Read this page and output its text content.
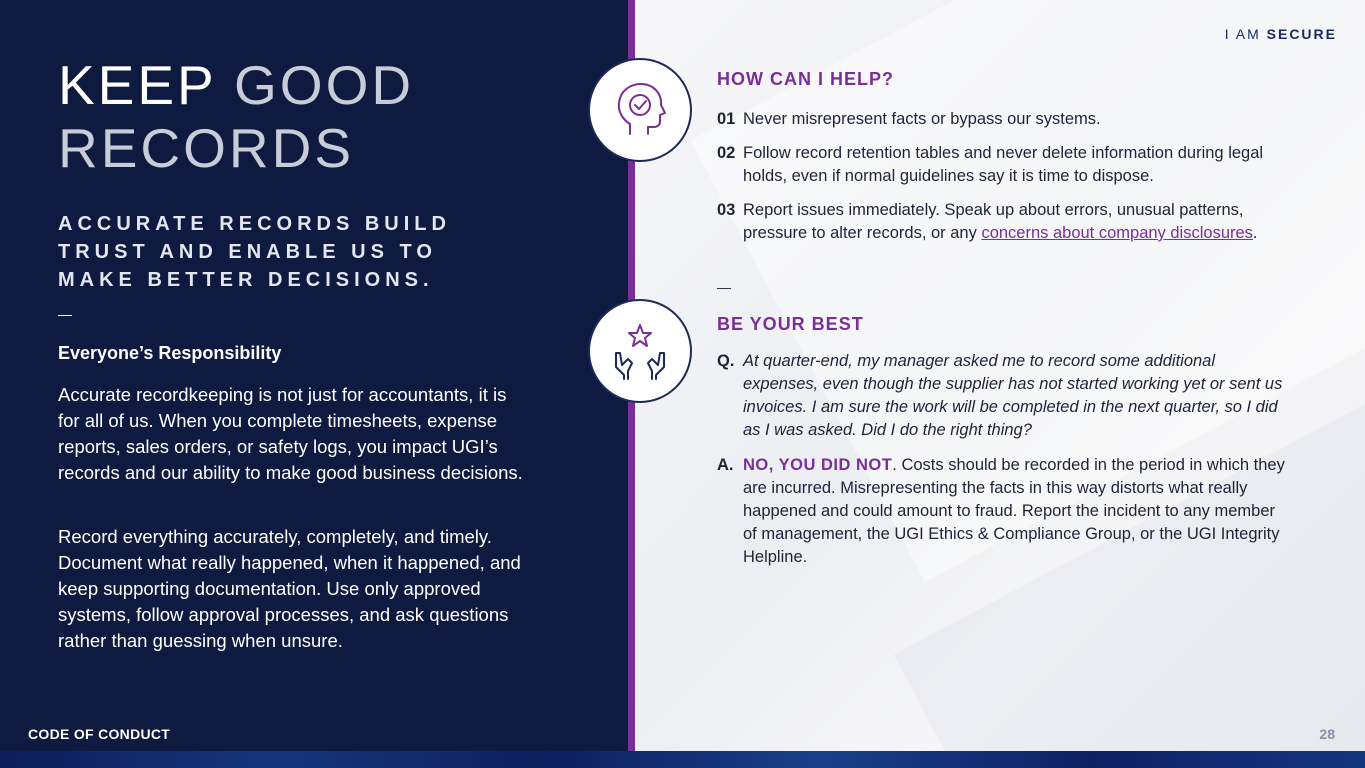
KEEP GOOD
RECORDS
ACCURATE RECORDS BUILD TRUST AND ENABLE US TO MAKE BETTER DECISIONS.
—
Everyone’s Responsibility
Accurate recordkeeping is not just for accountants, it is for all of us. When you complete timesheets, expense reports, sales orders, or safety logs, you impact UGI’s records and our ability to make good business decisions.
Record everything accurately, completely, and timely. Document what really happened, when it happened, and keep supporting documentation. Use only approved systems, follow approval processes, and ask questions rather than guessing when unsure.
CODE OF CONDUCT
I AM SECURE
HOW CAN I HELP?
01 Never misrepresent facts or bypass our systems.
02 Follow record retention tables and never delete information during legal holds, even if normal guidelines say it is time to dispose.
03 Report issues immediately. Speak up about errors, unusual patterns, pressure to alter records, or any concerns about company disclosures.
—
BE YOUR BEST
Q. At quarter-end, my manager asked me to record some additional expenses, even though the supplier has not started working yet or sent us invoices. I am sure the work will be completed in the next quarter, so I did as I was asked. Did I do the right thing?
A. NO, YOU DID NOT. Costs should be recorded in the period in which they are incurred. Misrepresenting the facts in this way distorts what really happened and could amount to fraud. Report the incident to any member of management, the UGI Ethics & Compliance Group, or the UGI Integrity Helpline.
28
